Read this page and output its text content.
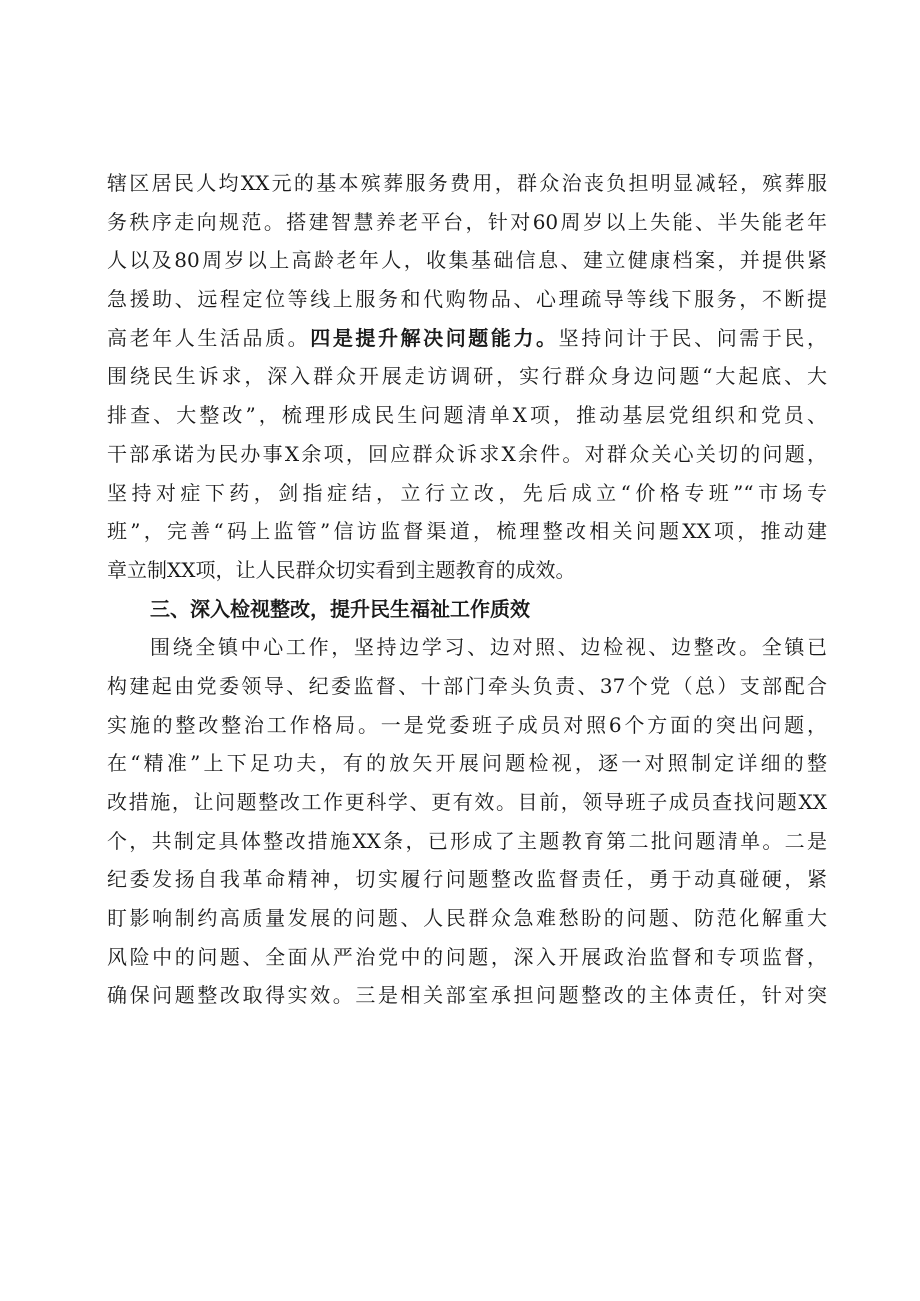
辖区居民人均XX元的基本殡葬服务费用，群众治丧负担明显减轻，殡葬服
务秩序走向规范。搭建智慧养老平台，针对60周岁以上失能、半失能老年
人以及80周岁以上高龄老年人，收集基础信息、建立健康档案，并提供紧
急援助、远程定位等线上服务和代购物品、心理疏导等线下服务，不断提
高老年人生活品质。四是提升解决问题能力。坚持问计于民、问需于民，
围绕民生诉求，深入群众开展走访调研，实行群众身边问题“大起底、大
排查、大整改”，梳理形成民生问题清单X项，推动基层党组织和党员、
干部承诺为民办事X余项，回应群众诉求X余件。对群众关心关切的问题，
坚持对症下药，剑指症结，立行立改，先后成立“价格专班”“市场专
班”，完善“码上监管”信访监督渠道，梳理整改相关问题XX项，推动建
章立制XX项，让人民群众切实看到主题教育的成效。
三、深入检视整改，提升民生福祉工作质效
围绕全镇中心工作，坚持边学习、边对照、边检视、边整改。全镇已
构建起由党委领导、纪委监督、十部门牵头负责、37个党（总）支部配合
实施的整改整治工作格局。一是党委班子成员对照6个方面的突出问题，
在“精准”上下足功夫，有的放矢开展问题检视，逐一对照制定详细的整
改措施，让问题整改工作更科学、更有效。目前，领导班子成员查找问题XX
个，共制定具体整改措施XX条，已形成了主题教育第二批问题清单。二是
纪委发扬自我革命精神，切实履行问题整改监督责任，勇于动真碰硬，紧
盯影响制约高质量发展的问题、人民群众急难愁盼的问题、防范化解重大
风险中的问题、全面从严治党中的问题，深入开展政治监督和专项监督，
确保问题整改取得实效。三是相关部室承担问题整改的主体责任，针对突
